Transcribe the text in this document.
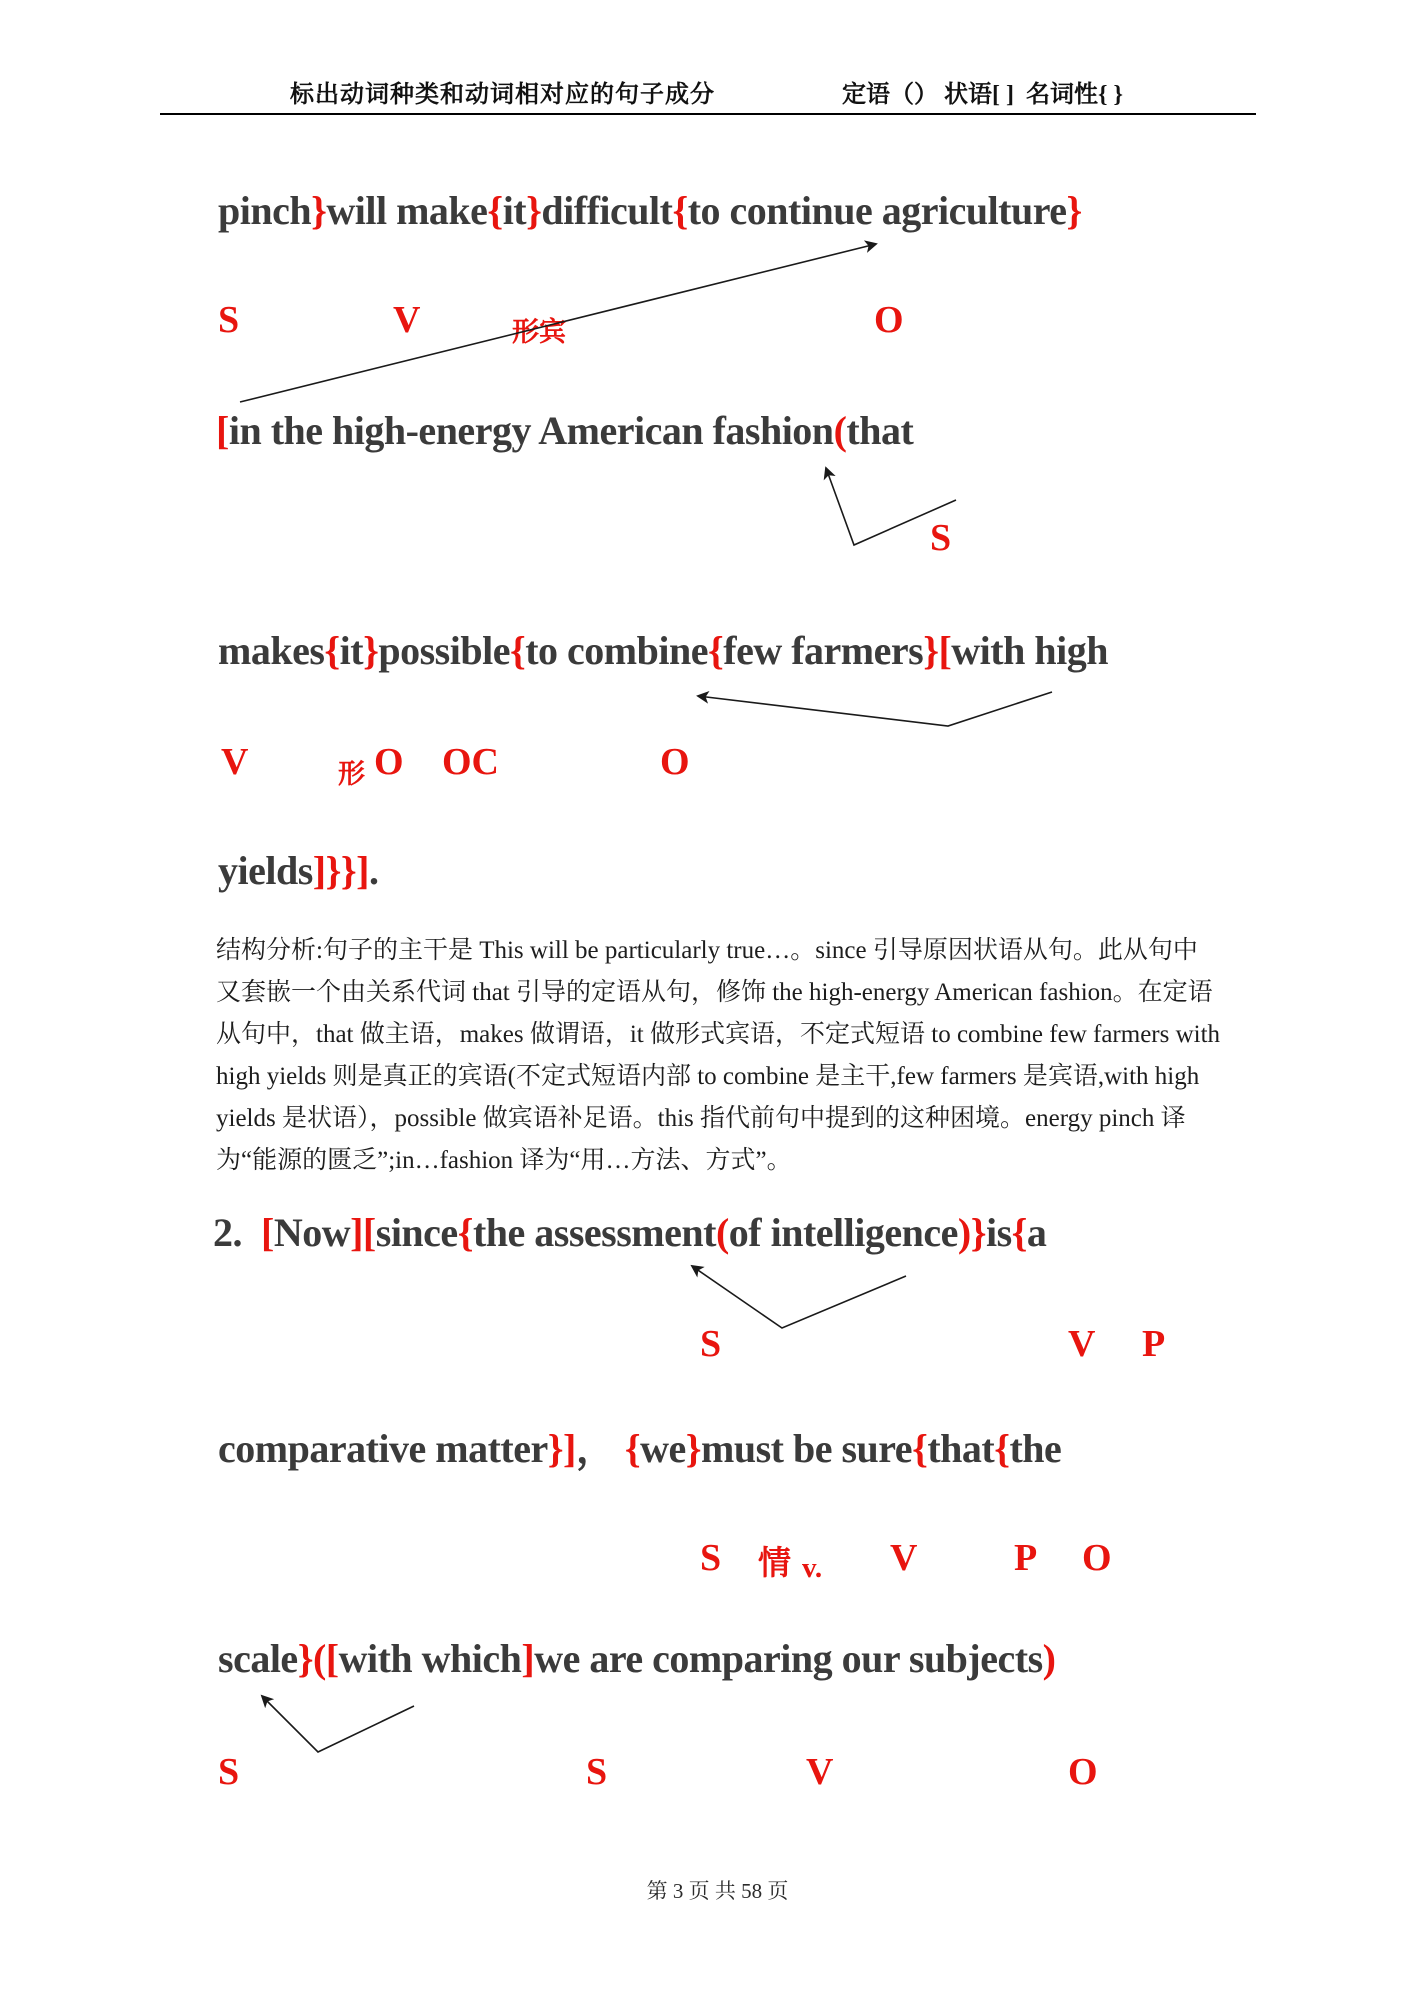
标出动词种类和动词相对应的句子成分	定语（） 状语[ ]  名词性{ }
pinch}will make{it}difficult{to continue agriculture}
S	V	形宾	O
[in the high-energy American fashion(that
S
makes{it}possible{to combine{few farmers}[with high
V	形 O OC	O
yields]}}].
结构分析:句子的主干是 This will be particularly true…。since 引导原因状语从句。此从句中
又套嵌一个由关系代词 that 引导的定语从句，修饰 the high-energy American fashion。在定语
从句中，that 做主语，makes 做谓语，it 做形式宾语，不定式短语 to combine few farmers with
high yields 则是真正的宾语(不定式短语内部 to combine 是主干,few farmers 是宾语,with high
yields 是状语），possible 做宾语补足语。this 指代前句中提到的这种困境。energy pinch 译
为“能源的匮乏”;in…fashion 译为“用…方法、方式”。
2.  [Now][since{the assessment(of intelligence)}is{a
S	V P
comparative matter}]， {we}must be sure{that{the
S 情 v. V	P O
scale}([with which]we are comparing our subjects)
S	S	V	O

第 3 页 共 58 页
